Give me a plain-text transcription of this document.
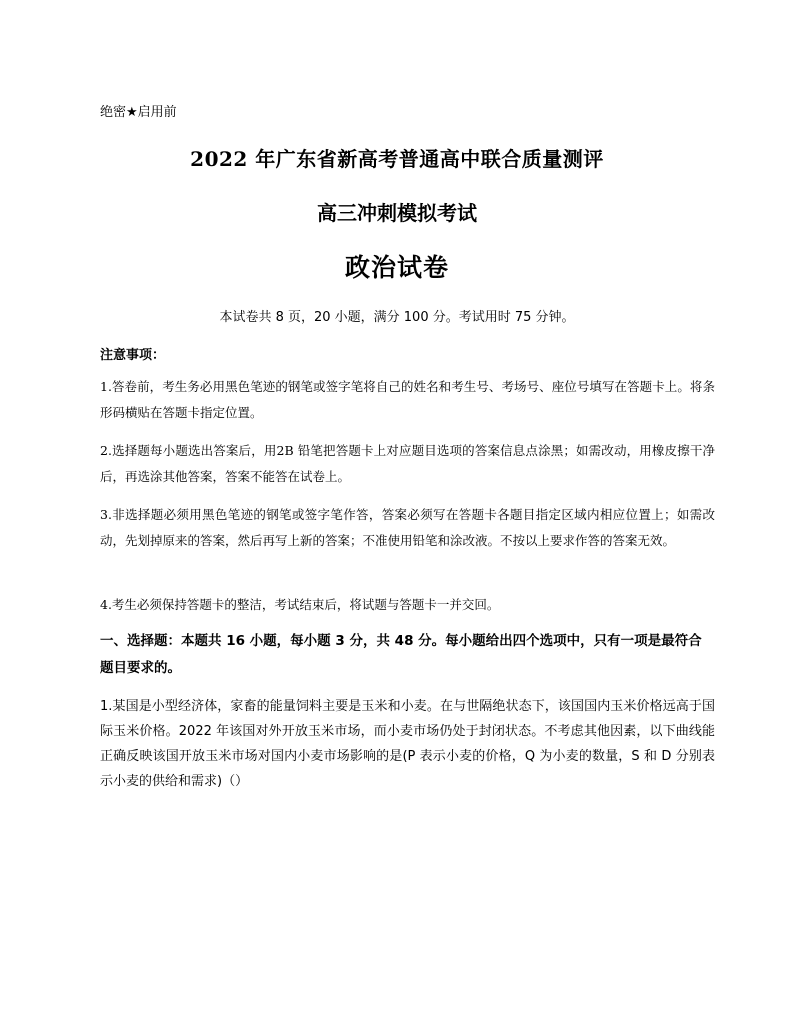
绝密★启用前
2022 年广东省新高考普通高中联合质量测评
高三冲刺模拟考试
政治试卷
本试卷共 8 页，20 小题，满分 100 分。考试用时 75 分钟。
注意事项：
1.答卷前，考生务必用黑色笔迹的钢笔或签字笔将自己的姓名和考生号、考场号、座位号填写在答题卡上。将条形码横贴在答题卡指定位置。
2.选择题每小题选出答案后，用2B 铅笔把答题卡上对应题目选项的答案信息点涂黑；如需改动，用橡皮擦干净后，再选涂其他答案，答案不能答在试卷上。
3.非选择题必须用黑色笔迹的钢笔或签字笔作答，答案必须写在答题卡各题目指定区域内相应位置上；如需改动，先划掉原来的答案，然后再写上新的答案；不准使用铅笔和涂改液。不按以上要求作答的答案无效。
4.考生必须保持答题卡的整洁，考试结束后，将试题与答题卡一并交回。
一、选择题：本题共 16 小题，每小题 3 分，共 48 分。每小题给出四个选项中，只有一项是最符合题目要求的。
1.某国是小型经济体，家畜的能量饲料主要是玉米和小麦。在与世隔绝状态下，该国国内玉米价格远高于国际玉米价格。2022 年该国对外开放玉米市场，而小麦市场仍处于封闭状态。不考虑其他因素，以下曲线能正确反映该国开放玉米市场对国内小麦市场影响的是(P 表示小麦的价格，Q 为小麦的数量，S 和 D 分别表示小麦的供给和需求)（）
